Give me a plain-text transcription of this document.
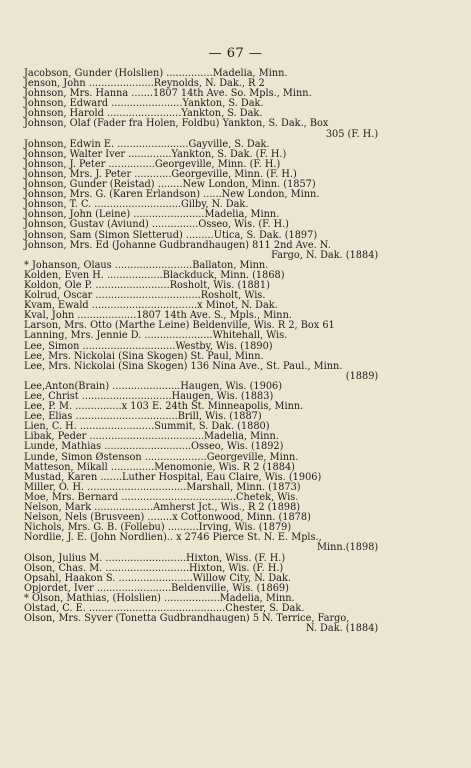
— 67 —
Jacobson, Gunder (Holslien) ...............Madelia, Minn.
Jenson, John .....................Reynolds, N. Dak., R 2
Johnson, Mrs. Hanna .......1807 14th Ave. So. Mpls., Minn.
Johnson, Edward .......................Yankton, S. Dak.
Johnson, Harold ........................Yankton, S. Dak.
Johnson, Olaf (Fader fra Holen, Foldbu) Yankton, S. Dak., Box
305 (F. H.)
Johnson, Edwin E. .......................Gayville, S. Dak.
Johnson, Walter Iver ..............Yankton, S. Dak. (F. H.)
Johnson, J. Peter ...............Georgeville, Minn. (F. H.)
Johnson, Mrs. J. Peter ............Georgeville, Minn. (F. H.)
Johnson, Gunder (Reistad) ........New London, Minn. (1857)
Johnson, Mrs. G. (Karen Erlandson) ......New London, Minn.
Johnson, T. C. ............................Gilby, N. Dak.
Johnson, John (Leine) .......................Madelia, Minn.
Johnson, Gustav (Aviund) ...............Osseo, Wis. (F. H.)
Johnson, Sam (Simon Sletterud) .........Utica, S. Dak. (1897)
Johnson, Mrs. Ed (Johanne Gudbrandhaugen) 811 2nd Ave. N.
Fargo, N. Dak. (1884)
* Johanson, Olaus .........................Ballaton, Minn.
Kolden, Even H. ..................Blackduck, Minn. (1868)
Koldon, Ole P. ........................Rosholt, Wis. (1881)
Kolrud, Oscar ..................................Rosholt, Wis.
Kvam, Ewald ..................................x Minot, N. Dak.
Kval, John ...................1807 14th Ave. S., Mpls., Minn.
Larson, Mrs. Otto (Marthe Leine) Beldenville, Wis. R 2, Box 61
Lanning, Mrs. Jennie D. ......................Whitehall, Wis.
Lee, Simon ..............................Westby, Wis. (1890)
Lee, Mrs. Nickolai (Sina Skogen) St. Paul, Minn.
Lee, Mrs. Nickolai (Sina Skogen) 136 Nina Ave., St. Paul., Minn.
(1889)
Lee,Anton(Brain) ......................Haugen, Wis. (1906)
Lee, Christ .............................Haugen, Wis. (1883)
Lee, P. M. ...............x 103 E. 24th St. Minneapolis, Minn.
Lee, Elias .................................Brill, Wis. (1887)
Lien, C. H. ........................Summit, S. Dak. (1880)
Libak, Peder .....................................Madelia, Minn.
Lunde, Mathias ............................Osseo, Wis. (1892)
Lunde, Simon Østenson ....................Georgeville, Minn.
Matteson, Mikall ..............Menomonie, Wis. R 2 (1884)
Mustad, Karen .......Luther Hospital, Eau Claire, Wis. (1906)
Miller, O. H. ................................Marshall, Minn. (1873)
Moe, Mrs. Bernard .....................................Chetek, Wis.
Nelson, Mark ...................Amherst Jct., Wis., R 2 (1898)
Nelson, Nels (Brusveen) ........x Cottonwood, Minn. (1878)
Nichols, Mrs. G. B. (Follebu) ..........Irving, Wis. (1879)
Nordlie, J. E. (John Nordlien).. x 2746 Pierce St. N. E. Mpls.,
Minn.(1898)
Olson, Julius M. ..........................Hixton, Wiss. (F. H.)
Olson, Chas. M. ...........................Hixton, Wis. (F. H.)
Opsahl, Haakon S. ........................Willow City, N. Dak.
Opjordet, Iver ........................Beldenville, Wis. (1869)
* Olson, Mathias, (Holslien) ..................Madelia, Minn.
Olstad, C. E. ............................................Chester, S. Dak.
Olson, Mrs. Syver (Tonetta Gudbrandhaugen) 5 N. Terrice, Fargo,
N. Dak. (1884)
